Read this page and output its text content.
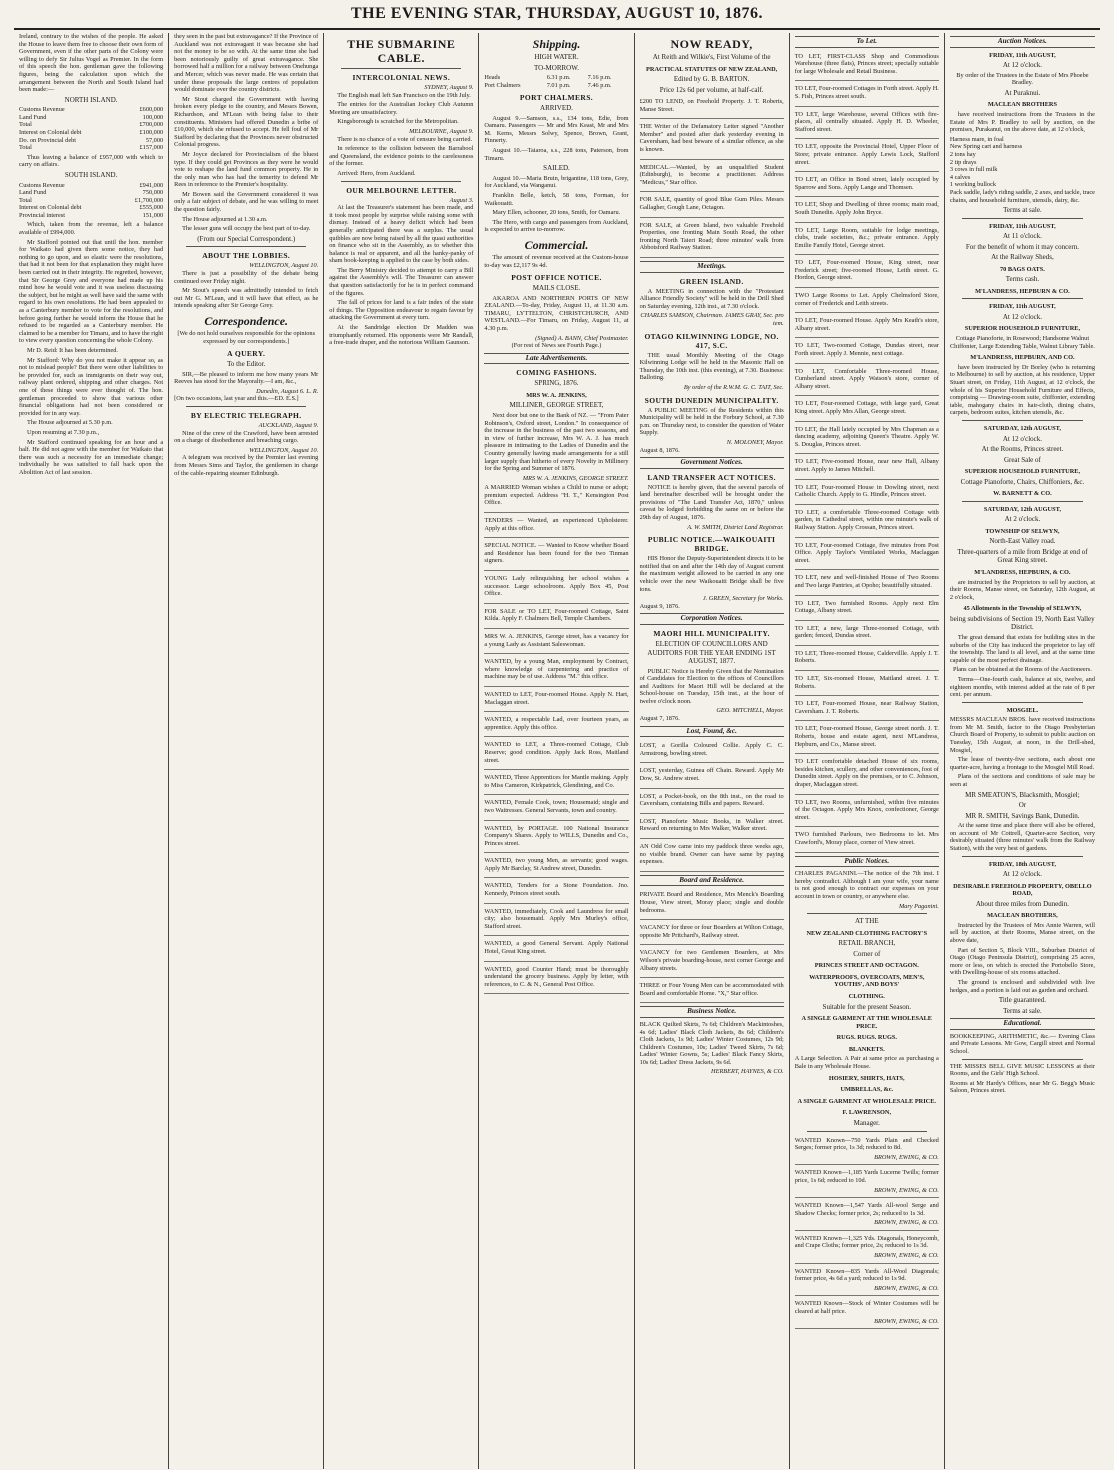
THE EVENING STAR, THURSDAY, AUGUST 10, 1876.

Ireland, contrary to the wishes of the people. He asked the House to leave them free to choose their own form of Government, even if the other parts of the Colony were willing to defy Sir Julius Vogel as Premier. In the form of this speech the hon. gentleman gave the following figures, being the calculation upon which the arrangement between the North and South Island had been made:—

NORTH ISLAND.
Customs Revenue	£600,000
Land Fund	100,000
Total	£700,000
Interest on Colonial debt	£100,000
Do. on Provincial debt	57,000
Total	£157,000

Thus leaving a balance of £957,000 with which to carry on affairs.

SOUTH ISLAND.
Customs Revenue	£941,000
Land Fund	750,000
Total	£1,700,000
Interest on Colonial debt	£555,000
Provincial interest	151,000

Which, taken from the revenue, left a balance available of £994,000.

Mr Stafford pointed out that until the hon. member for Waikato had given them some notice, they had nothing to go upon, and so elastic were the resolutions, that had it not been for that explanation they might have been carried out in their integrity. He regretted, however, that Sir George Grey and everyone had made up his mind how he would vote and it was useless discussing the subject, but he might as well have said the same with regard to his own resolutions. He had been appealed to as a Canterbury member to vote for the resolutions, and before going further he would inform the House that he refused to be regarded as a Canterbury member. He claimed to be a member for Timaru, and to have the right to view every question concerning the whole Colony.

Mr D. Reid: It has been determined.

Mr Stafford: Why do you not make it appear so, as not to mislead people? But there were other liabilities to be provided for, such as immigrants on their way out, railway plant ordered, shipping and other charges. Not one of these things were ever thought of. The hon. gentleman proceeded to show that various other financial obligations had not been considered or provided for in any way.

The House adjourned at 5.30 p.m.

Upon resuming at 7.30 p.m.,

Mr Stafford continued speaking for an hour and a half. He did not agree with the member for Waikato that there was such a necessity for an immediate change; individually he was satisfied to fall back upon the Abolition Act of last session.

they seen in the past but extravagance? If the Province of Auckland was not extravagant it was because she had not the money to be so with. At the same time she had been notoriously guilty of great extravagance. She borrowed half a million for a railway between Onehunga and Mercer, which was never made. He was certain that under these proposals the large centres of population would dominate over the country districts.

Mr Stout charged the Government with having broken every pledge to the country, and Messrs Bowen, Richardson, and M'Lean with being false to their constituents. Ministers had offered Dunedin a bribe of £10,000, which she refused to accept. He fell foul of Mr Stafford by declaring that the Provinces never obstructed Colonial progress.

Mr Joyce declared for Provincialism of the bluest type. If they could get Provinces as they were he would vote to reshape the land fund common property. He in the only man who has had the temerity to defend Mr Rees in reference to the Premier's hospitality.

Mr Bowen said the Government considered it was only a fair subject of debate, and he was willing to meet the question fairly.

The House adjourned at 1.30 a.m.

The lesser guns will occupy the best part of to-day.

(From our Special Correspondent.)
ABOUT THE LOBBIES.
WELLINGTON, August 10.

There is just a possibility of the debate being continued over Friday night.

Mr Stout's speech was admittedly intended to fetch out Mr G. M'Lean, and it will have that effect, as he intends speaking after Sir George Grey.

Correspondence.

[We do not hold ourselves responsible for the opinions expressed by our correspondents.]

A QUERY.
To the Editor.

SIR,—Be pleased to inform me how many years Mr Reeves has stood for the Mayoralty.—I am, &c.,

Dunedin, August 6. L. R.

[On two occasions, last year and this.—ED. E.S.]

BY ELECTRIC TELEGRAPH.
AUCKLAND, August 9.

Nine of the crew of the Crawford, have been arrested on a charge of disobedience and breaching cargo.

WELLINGTON, August 10.

A telegram was received by the Premier last evening from Messrs Sims and Taylor, the gentlemen in charge of the cable-repairing steamer Edinburgh.

THE SUBMARINE CABLE.
INTERCOLONIAL NEWS.
SYDNEY, August 9.

The English mail left San Francisco on the 19th July.

The entries for the Australian Jockey Club Autumn Meeting are unsatisfactory.

Kingsborough is scratched for the Metropolitan.

MELBOURNE, August 9.

There is no chance of a vote of censure being carried.

In reference to the collision between the Barrabool and Queensland, the evidence points to the carelessness of the former.

Arrived: Hero, from Auckland.

OUR MELBOURNE LETTER.
August 3.

At last the Treasurer's statement has been made, and it took most people by surprise while raising some with dismay. Instead of a heavy deficit which had been generally anticipated there was a surplus. The usual quibbles are now being raised by all the quasi authorities on finance who sit in the Assembly, as to whether this balance is real or apparent, and all the hanky-panky of sham book-keeping is applied to the case by both sides.

The Berry Ministry decided to attempt to carry a Bill against the Assembly's will. The Treasurer can answer that question satisfactorily for he is in perfect command of the figures.

The fall of prices for land is a fair index of the state of things. The Opposition endeavour to regain favour by attacking the Government at every turn.

At the Sandridge election Dr Madden was triumphantly returned. His opponents were Mr Randall, a free-trade draper, and the notorious William Gaunson.

Shipping.
HIGH WATER.
TO-MORROW.
Heads	6.31 p.m.	7.16 p.m.
Port Chalmers	7.01 p.m.	7.46 p.m.
PORT CHALMERS.
ARRIVED.

August 9.—Samson, s.s., 134 tons, Edie, from Oamaru. Passengers — Mr and Mrs Keast, Mr and Mrs M. Kerns, Messrs Solwy, Spence, Brown, Grant, Finnerty.

August 10.—Taiaroa, s.s., 228 tons, Paterson, from Timaru.

SAILED.

August 10.—Maria Bruin, brigantine, 118 tons, Grey, for Auckland, via Wanganui.

Franklin Belle, ketch, 58 tons, Forman, for Waikouaiti.

Mary Ellen, schooner, 20 tons, Smith, for Oamaru.

The Hero, with cargo and passengers from Auckland, is expected to arrive to-morrow.

Commercial.

The amount of revenue received at the Custom-house to-day was £2,117 9s 4d.

POST OFFICE NOTICE.
MAILS CLOSE.

AKAROA AND NORTHERN PORTS OF NEW ZEALAND.—To-day, Friday, August 11, at 11.30 a.m. TIMARU, LYTTELTON, CHRISTCHURCH, AND WESTLAND.—For Timaru, on Friday, August 11, at 4.30 p.m.

(Signed) A. BANN, Chief Postmaster.

(For rest of News see Fourth Page.)

Late Advertisements.
COMING FASHIONS.
SPRING, 1876.
MRS W. A. JENKINS,
MILLINER, GEORGE STREET,

Next door but one to the Bank of NZ. — "From Pater Robinson's, Oxford street, London." In consequence of the increase in the business of the past two seasons, and in view of further increase, Mrs W. A. J. has much pleasure in intimating to the Ladies of Dunedin and the Country generally having made arrangements for a still larger supply than hitherto of every Novelty in Millinery for the Spring and Summer of 1876.

MRS W. A. JENKINS, GEORGE STREET.

A MARRIED Woman wishes a Child to nurse or adopt; premium expected. Address "H. T.," Kensington Post Office.

TENDERS — Wanted, an experienced Upholsterer. Apply at this office.

SPECIAL NOTICE. — Wanted to Know whether Board and Residence has been found for the two Tinman signers.

YOUNG Lady relinquishing her school wishes a successor. Large schoolroom. Apply Box 45, Post Office.

FOR SALE or TO LET, Four-roomed Cottage, Saint Kilda. Apply F. Chalmers Bell, Temple Chambers.

MRS W. A. JENKINS, George street, has a vacancy for a young Lady as Assistant Saleswoman.

WANTED, by a young Man, employment by Contract, where knowledge of carpentering and practice of machine may be of use. Address "M." this office.

WANTED to LET, Four-roomed House. Apply N. Hart, Maclaggan street.

WANTED, a respectable Lad, over fourteen years, as apprentice. Apply this office.

WANTED to LET, a Three-roomed Cottage, Club Reserve; good condition. Apply Jack Ross, Maitland street.

WANTED, Three Apprentices for Mantle making. Apply to Miss Cameron, Kirkpatrick, Glendining, and Co.

WANTED, Female Cook, town; Housemaid; single and two Waitresses. General Servants, town and country.

WANTED, by PORTAGE. 100 National Insurance Company's Shares. Apply to WILLS, Dunedin and Co., Princes street.

WANTED, two young Men, as servants; good wages. Apply Mr Barclay, St Andrew street, Dunedin.

WANTED, Tenders for a Stone Foundation. Jno. Kennedy, Princes street south.

WANTED, immediately, Cook and Laundress for small city; also housemaid. Apply Mrs Murley's office, Stafford street.

WANTED, a good General Servant. Apply National Hotel, Great King street.

WANTED, good Counter Hand; must be thoroughly understand the grocery business. Apply by letter, with references, to C. & N., General Post Office.

NOW READY,
At Reith and Wilkie's, First Volume of the
PRACTICAL STATUTES OF NEW ZEALAND,
Edited by G. B. BARTON.
Price 12s 6d per volume, at half-calf.

£200 TO LEND, on Freehold Property. J. T. Roberts, Manse Street.

THE Writer of the Defamatory Letter signed "Another Member" and posted after dark yesterday evening in Caversham, had best beware of a similar offence, as she is known.

MEDICAL.—Wanted, by an unqualified Student (Edinburgh), to become a practitioner. Address "Medicus," Star office.

FOR SALE, quantity of good Blue Gum Piles. Messrs Gallagher, Gough Lane, Octagon.

FOR SALE, at Green Island, two valuable Freehold Properties, one fronting Main South Road, the other fronting North Taieri Road; three minutes' walk from Abbotsford Railway Station.

Meetings.
GREEN ISLAND.

A MEETING in connection with the "Protestant Alliance Friendly Society" will be held in the Drill Shed on Saturday evening, 12th inst., at 7.30 o'clock.

CHARLES SAMSON, Chairman. JAMES GRAY, Sec. pro tem.
OTAGO KILWINNING LODGE, NO. 417, S.C.

THE usual Monthly Meeting of the Otago Kilwinning Lodge will be held in the Masonic Hall on Thursday, the 10th inst. (this evening), at 7.30. Business: Balloting.

By order of the R.W.M. G. C. TAIT, Sec.
SOUTH DUNEDIN MUNICIPALITY.

A PUBLIC MEETING of the Residents within this Municipality will be held in the Forbury School, at 7.30 p.m. on Thursday next, to consider the question of Water Supply.

N. MOLONEY, Mayor.
August 8, 1876.
Government Notices.
LAND TRANSFER ACT NOTICES.

NOTICE is hereby given, that the several parcels of land hereinafter described will be brought under the provisions of "The Land Transfer Act, 1870," unless caveat be lodged forbidding the same on or before the 29th day of August, 1876.

A. W. SMITH, District Land Registrar.
PUBLIC NOTICE.—WAIKOUAITI BRIDGE.

HIS Honor the Deputy-Superintendent directs it to be notified that on and after the 14th day of August current the maximum weight allowed to be carried in any one vehicle over the new Waikouaiti Bridge shall be five tons.

J. GREEN, Secretary for Works.
August 9, 1876.
Corporation Notices.
MAORI HILL MUNICIPALITY.
ELECTION OF COUNCILLORS AND AUDITORS FOR THE YEAR ENDING 1ST AUGUST, 1877.

PUBLIC Notice is Hereby Given that the Nomination of Candidates for Election to the offices of Councillors and Auditors for Maori Hill will be declared at the School-house on Tuesday, 15th inst., at the hour of twelve o'clock noon.

GEO. MITCHELL, Mayor.
August 7, 1876.
Lost, Found, &c.

LOST, a Gorilla Coloured Collie. Apply C. C. Armstrong, bowling street.

LOST, yesterday, Guinea off Chain. Reward. Apply Mr Dow, St. Andrew street.

LOST, a Pocket-book, on the 8th inst., on the road to Caversham, containing Bills and papers. Reward.

LOST, Pianoforte Music Books, in Walker street. Reward on returning to Mrs Walker, Walker street.

AN Odd Cow came into my paddock three weeks ago, no visible brand. Owner can have same by paying expenses.

Board and Residence.

PRIVATE Board and Residence, Mrs Menck's Boarding House, View street, Moray place; single and double bedrooms.

VACANCY for three or four Boarders at Wilton Cottage, opposite Mr Pritchard's, Railway street.

VACANCY for two Gentlemen Boarders, at Mrs Wilson's private boarding-house, next corner George and Albany streets.

THREE or Four Young Men can be accommodated with Board and comfortable Home. "X," Star office.

Business Notice.

BLACK Quilted Skirts, 7s 6d; Children's Mackintoshes, 4s 6d; Ladies' Black Cloth Jackets, 8s 6d; Children's Cloth Jackets, 1s 9d; Ladies' Winter Costumes, 12s 9d; Children's Costumes, 10s; Ladies' Tweed Skirts, 7s 6d; Ladies' Winter Gowns, 5s; Ladies' Black Fancy Skirts, 10s 6d; Ladies' Dress Jackets, 9s 6d.

HERBERT, HAYNES, & CO.
To Let.

TO LET, FIRST-CLASS Shop and Commodious Warehouse (three flats), Princes street; specially suitable for large Wholesale and Retail Business.

TO LET, Four-roomed Cottages in Forth street. Apply H. S. Fish, Princes street south.

TO LET, large Warehouse, several Offices with fire-places, all centrally situated. Apply H. D. Wheeler, Stafford street.

TO LET, opposite the Provincial Hotel, Upper Floor of Store; private entrance. Apply Lewis Lock, Stafford street.

TO LET, an Office in Bond street, lately occupied by Sparrow and Sons. Apply Lange and Thomsen.

TO LET, Shop and Dwelling of three rooms; main road, South Dunedin. Apply John Bryce.

TO LET, Large Room, suitable for lodge meetings, clubs, trade societies, &c.; private entrance. Apply Emilie Family Hotel, George street.

TO LET, Four-roomed House, King street, near Frederick street; five-roomed House, Leith street. G. Hordon, George street.

TWO Large Rooms to Let. Apply Chelmsford Store, corner of Frederick and Leith streets.

TO LET, Four-roomed House. Apply Mrs Keath's store, Albany street.

TO LET, Two-roomed Cottage, Dundas street, near Forth street. Apply J. Mennie, next cottage.

TO LET, Comfortable Three-roomed House, Cumberland street. Apply Watson's store, corner of Albany street.

TO LET, Four-roomed Cottage, with large yard, Great King street. Apply Mrs Allan, George street.

TO LET, the Hall lately occupied by Mrs Chapman as a dancing academy, adjoining Queen's Theatre. Apply W. S. Douglas, Princes street.

TO LET, Five-roomed House, near new Hall, Albany street. Apply to James Mitchell.

TO LET, Four-roomed House in Dowling street, next Catholic Church. Apply to G. Hindle, Princes street.

TO LET, a comfortable Three-roomed Cottage with garden, in Cathedral street, within one minute's walk of Railway Station. Apply Crossan, Princes street.

TO LET, Four-roomed Cottage, five minutes from Post Office. Apply Taylor's Ventilated Works, Maclaggan street.

TO LET, new and well-finished House of Two Rooms and Two large Pantries, at Opoho; beautifully situated.

TO LET, Two furnished Rooms. Apply next Elm Cottage, Albany street.

TO LET, a new, large Three-roomed Cottage, with garden; fenced, Dundas street.

TO LET, Three-roomed House, Caldervillle. Apply J. T. Roberts.

TO LET, Six-roomed House, Maitland street. J. T. Roberts.

TO LET, Four-roomed House, near Railway Station, Caversham. J. T. Roberts.

TO LET, Four-roomed House, George street north. J. T. Roberts, house and estate agent, next M'Landress, Hepburn, and Co., Manse street.

TO LET comfortable detached House of six rooms, besides kitchen, scullery, and other conveniences, foot of Dunedin street. Apply on the premises, or to C. Johnson, draper, Maclaggan street.

TO LET, two Rooms, unfurnished, within five minutes of the Octagon. Apply Mrs Knox, confectioner, George street.

TWO furnished Parlours, two Bedrooms to let. Mrs Crawford's, Moray place, corner of View street.

Public Notices.

CHARLES PAGANINI.—The notice of the 7th inst. I hereby contradict. Although I am your wife, your name is not good enough to contract our expenses on your account in town or country, or anywhere else.

Mary Paganini.
AT THE
NEW ZEALAND CLOTHING FACTORY'S
RETAIL BRANCH,
Corner of
PRINCES STREET AND OCTAGON.
WATERPROOFS, OVERCOATS, MEN'S, YOUTHS', AND BOYS'
CLOTHING.
Suitable for the present Season.
A SINGLE GARMENT AT THE WHOLESALE PRICE.
RUGS. RUGS. RUGS.
BLANKETS.

A Large Selection. A Pair at same price as purchasing a Bale in any Wholesale House.

HOSIERY, SHIRTS, HATS,
UMBRELLAS, &c.
A SINGLE GARMENT AT WHOLESALE PRICE.
F. LAWRENSON,
Manager.

WANTED Known—750 Yards Plain and Checked Serges; former price, 1s 3d; reduced to 8d.

BROWN, EWING, & CO.

WANTED Known—1,185 Yards Lucerne Twills; former price, 1s 6d; reduced to 10d.

BROWN, EWING, & CO.

WANTED Known—1,547 Yards All-wool Serge and Shadow Checks; former price, 2s; reduced to 1s 3d.

BROWN, EWING, & CO.

WANTED Known—1,325 Yds. Diagonals, Honeycomb, and Crape Cloths; former price, 2s; reduced to 1s 3d.

BROWN, EWING, & CO.

WANTED Known—835 Yards All-Wool Diagonals; former price, 4s 6d a yard; reduced to 1s 9d.

BROWN, EWING, & CO.

WANTED Known—Stock of Winter Costumes will be cleared at half price.

BROWN, EWING, & CO.
Auction Notices.
FRIDAY, 11th AUGUST,
At 12 o'clock.

By order of the Trustees in the Estate of Mrs Phoebe Bradley.

At Puraknui.
MACLEAN BROTHERS

have received instructions from the Trustees in the Estate of Mrs P. Bradley to sell by auction, on the premises, Purakanui, on the above date, at 12 o'clock,

Harness mare, in foal
New Spring cart and harness
2 tons hay
2 tip drays
3 cows in full milk
4 calves
1 working bullock
Pack saddle, lady's riding saddle, 2 axes, and tackle, trace chains, and household furniture, utensils, dairy, &c.
Terms at sale.
FRIDAY, 11th AUGUST,
At 11 o'clock.
For the benefit of whom it may concern.
At the Railway Sheds,
70 BAGS OATS.
Terms cash.
M'LANDRESS, HEPBURN & CO.
FRIDAY, 11th AUGUST,
At 12 o'clock.
SUPERIOR HOUSEHOLD FURNITURE,

Cottage Pianoforte, in Rosewood; Handsome Walnut Chiffonier, Large Extending Table, Walnut Library Table.

M'LANDRESS, HEPBURN, AND CO.

have been instructed by Dr Borley (who is returning to Melbourne) to sell by auction, at his residence, Upper Stuart street, on Friday, 11th August, at 12 o'clock, the whole of his Superior Household Furniture and Effects, comprising — Drawing-room suite, chiffonier, extending table, mahogany chairs in hair-cloth, dining chairs, carpets, bedroom suites, kitchen utensils, &c.

SATURDAY, 12th AUGUST,
At 12 o'clock.
At the Rooms, Princes street.
Great Sale of
SUPERIOR HOUSEHOLD FURNITURE,
Cottage Pianoforte, Chairs, Chiffoniers, &c.
W. BARNETT & CO.
SATURDAY, 12th AUGUST,
At 2 o'clock.
TOWNSHIP OF SELWYN,
North-East Valley road.
Three-quarters of a mile from Bridge at end of Great King street.
M'LANDRESS, HEPBURN, & CO.

are instructed by the Proprietors to sell by auction, at their Rooms, Manse street, on Saturday, 12th August, at 2 o'clock,

45 Allotments in the Township of SELWYN,
being subdivisions of Section 19, North East Valley District.

The great demand that exists for building sites in the suburbs of the City has induced the proprietor to lay off the township. The land is all level, and at the same time capable of the most perfect drainage.

Plans can be obtained at the Rooms of the Auctioneers.

Terms—One-fourth cash, balance at six, twelve, and eighteen months, with interest added at the rate of 8 per cent. per annum.

MOSGIEL.

MESSRS MACLEAN BROS. have received instructions from Mr M. Smith, factor to the Otago Presbyterian Church Board of Property, to submit to public auction on Tuesday, 15th August, at noon, in the Drill-shed, Mosgiel,

The lease of twenty-five sections, each about one quarter-acre, having a frontage to the Mosgiel Mill Road.

Plans of the sections and conditions of sale may be seen at

MR SMEATON'S, Blacksmith, Mosgiel;
Or
MR R. SMITH, Savings Bank, Dunedin.

At the same time and place there will also be offered, on account of Mr Cottrell, Quarter-acre Section, very desirably situated (three minutes' walk from the Railway Station), with the very best of gardens.

FRIDAY, 18th AUGUST,
At 12 o'clock.
DESIRABLE FREEHOLD PROPERTY, OBELLO ROAD,
About three miles from Dunedin.
MACLEAN BROTHERS,

Instructed by the Trustees of Mrs Annie Warren, will sell by auction, at their Rooms, Manse street, on the above date,

Part of Section 5, Block VIII., Suburban District of Otago (Otago Peninsula District), comprising 25 acres, more or less, on which is erected the Portobello Store, with Dwelling-house of six rooms attached.

The ground is enclosed and subdivided with live hedges, and a portion is laid out as garden and orchard.

Title guaranteed.
Terms at sale.
Educational.

BOOKKEEPING, ARITHMETIC, &c.— Evening Class and Private Lessons. Mr Gow, Cargill street and Normal School.

THE MISSES BELL GIVE MUSIC LESSONS at their Rooms, and the Girls' High School.

Rooms at Mr Hardy's Offices, near Mr G. Begg's Music Saloon, Princes street.
